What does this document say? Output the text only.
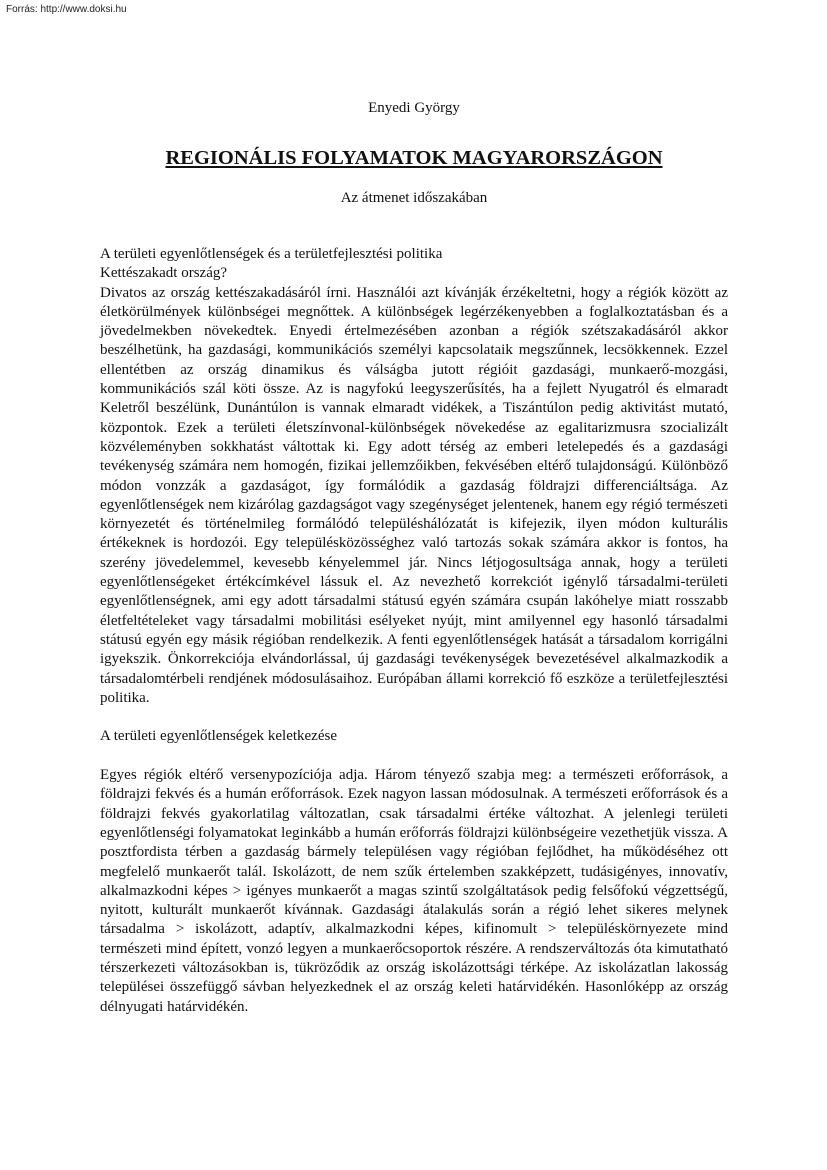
Forrás: http://www.doksi.hu
Enyedi György
REGIONÁLIS FOLYAMATOK MAGYARORSZÁGON
Az átmenet időszakában
A területi egyenlőtlenségek és a területfejlesztési politika
Kettészakadt ország?

Divatos az ország kettészakadásáról írni. Használói azt kívánják érzékeltetni, hogy a régiók között az életkörülmények különbségei megnőttek. A különbségek legérzékenyebben a foglalkoztatásban és a jövedelmekben növekedtek. Enyedi értelmezésében azonban a régiók szétszakadásáról akkor beszélhetünk, ha gazdasági, kommunikációs személyi kapcsolataik megszűnnek, lecsökkennek. Ezzel ellentétben az ország dinamikus és válságba jutott régióit gazdasági, munkaerő-mozgási, kommunikációs szál köti össze. Az is nagyfokú leegyszerűsítés, ha a fejlett Nyugatról és elmaradt Keletről beszélünk, Dunántúlon is vannak elmaradt vidékek, a Tiszántúlon pedig aktivitást mutató, központok. Ezek a területi életszínvonal-különbségek növekedése az egalitarizmusra szocializált közvéleményben sokkhatást váltottak ki. Egy adott térség az emberi letelepedés és a gazdasági tevékenység számára nem homogén, fizikai jellemzőikben, fekvésében eltérő tulajdonságú. Különböző módon vonzzák a gazdaságot, így formálódik a gazdaság földrajzi differenciáltsága. Az egyenlőtlenségek nem kizárólag gazdagságot vagy szegénységet jelentenek, hanem egy régió természeti környezetét és történelmileg formálódó településhálózatát is kifejezik, ilyen módon kulturális értékeknek is hordozói. Egy településközösséghez való tartozás sokak számára akkor is fontos, ha szerény jövedelemmel, kevesebb kényelemmel jár. Nincs létjogosultsága annak, hogy a területi egyenlőtlenségeket értékcímkével lássuk el. Az nevezhető korrekciót igénylő társadalmi-területi egyenlőtlenségnek, ami egy adott társadalmi státusú egyén számára csupán lakóhelye miatt rosszabb életfeltételeket vagy társadalmi mobilitási esélyeket nyújt, mint amilyennel egy hasonló társadalmi státusú egyén egy másik régióban rendelkezik. A fenti egyenlőtlenségek hatását a társadalom korrigálni igyekszik. Önkorrekciója elvándorlással, új gazdasági tevékenységek bevezetésével alkalmazkodik a társadalomtérbeli rendjének módosulásaihoz. Európában állami korrekció fő eszköze a területfejlesztési politika.

A területi egyenlőtlenségek keletkezése

Egyes régiók eltérő versenypozíciója adja. Három tényező szabja meg: a természeti erőforrások, a földrajzi fekvés és a humán erőforrások. Ezek nagyon lassan módosulnak. A természeti erőforrások és a földrajzi fekvés gyakorlatilag változatlan, csak társadalmi értéke változhat. A jelenlegi területi egyenlőtlenségi folyamatokat leginkább a humán erőforrás földrajzi különbségeire vezethetjük vissza. A posztfordista térben a gazdaság bármely településen vagy régióban fejlődhet, ha működéséhez ott megfelelő munkaerőt talál. Iskolázott, de nem szűk értelemben szakképzett, tudásigényes, innovatív, alkalmazkodni képes > igényes munkaerőt a magas szintű szolgáltatások pedig felsőfokú végzettségű, nyitott, kulturált munkaerőt kívánnak. Gazdasági átalakulás során a régió lehet sikeres melynek társadalma > iskolázott, adaptív, alkalmazkodni képes, kifinomult > településkörnyezete mind természeti mind épített, vonzó legyen a munkaerőcsoportok részére. A rendszerváltozás óta kimutatható térszerkezeti változásokban is, tükröződik az ország iskolázottsági térképe. Az iskolázatlan lakosság települései összefüggő sávban helyezkednek el az ország keleti határvidékén. Hasonlóképp az ország délnyugati határvidékén.
